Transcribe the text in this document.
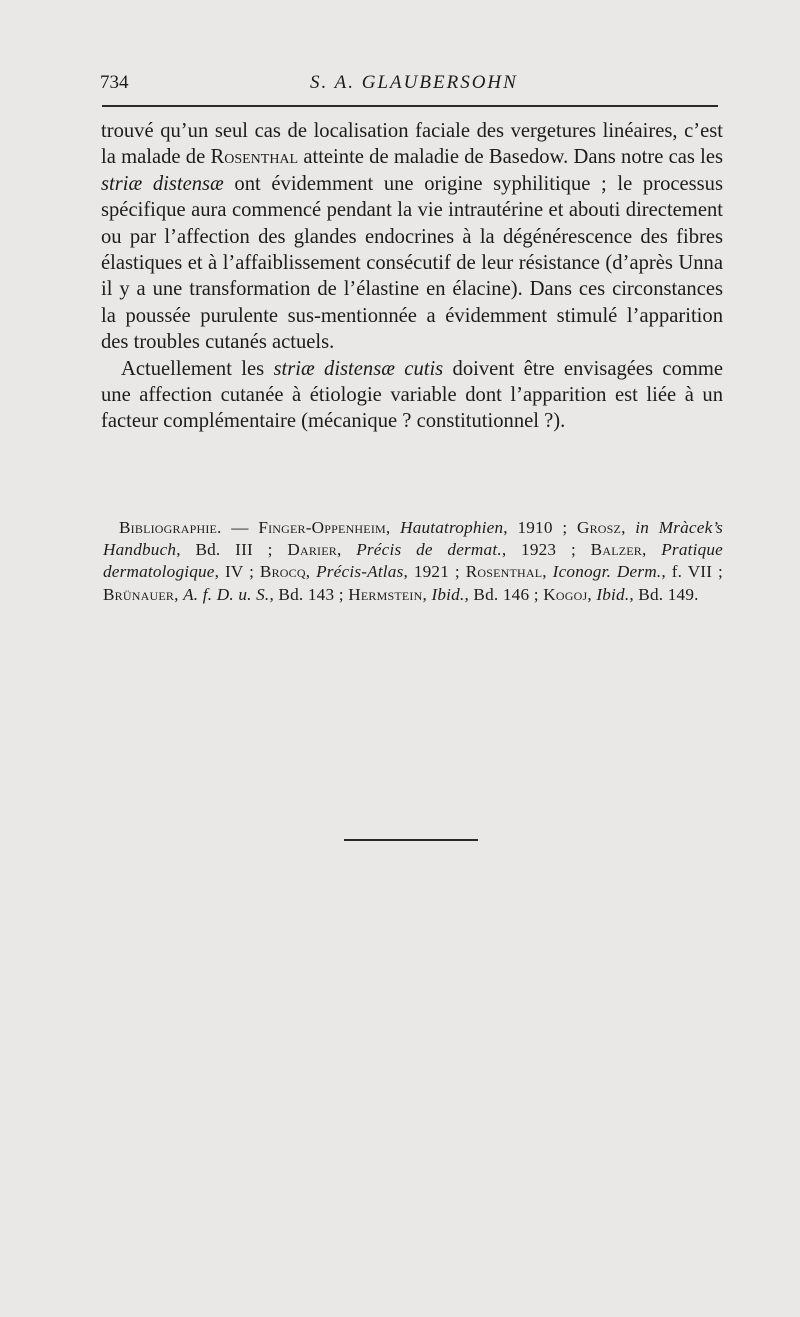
734	S. A. GLAUBERSOHN

trouvé qu’un seul cas de localisation faciale des vergetures linéaires, c’est la malade de Rosenthal atteinte de maladie de Basedow. Dans notre cas les striæ distensæ ont évidemment une origine syphilitique ; le processus spécifique aura commencé pendant la vie intrautérine et abouti directement ou par l’affection des glandes endocrines à la dégénérescence des fibres élastiques et à l’affaiblissement consécutif de leur résistance (d’après Unna il y a une transformation de l’élastine en élacine). Dans ces circonstances la poussée purulente sus-mentionnée a évidemment stimulé l’apparition des troubles cutanés actuels.

Actuellement les striæ distensæ cutis doivent être envisagées comme une affection cutanée à étiologie variable dont l’apparition est liée à un facteur complémentaire (mécanique ? constitutionnel ?).

Bibliographie. — Finger-Oppenheim, Hautatrophien, 1910 ; Grosz, in Mràcek’s Handbuch, Bd. III ; Darier, Précis de dermat., 1923 ; Balzer, Pratique dermatologique, IV ; Brocq, Précis-Atlas, 1921 ; Rosenthal, Iconogr. Derm., f. VII ; Brünauer, A. f. D. u. S., Bd. 143 ; Hermstein, Ibid., Bd. 146 ; Kogoj, Ibid., Bd. 149.
